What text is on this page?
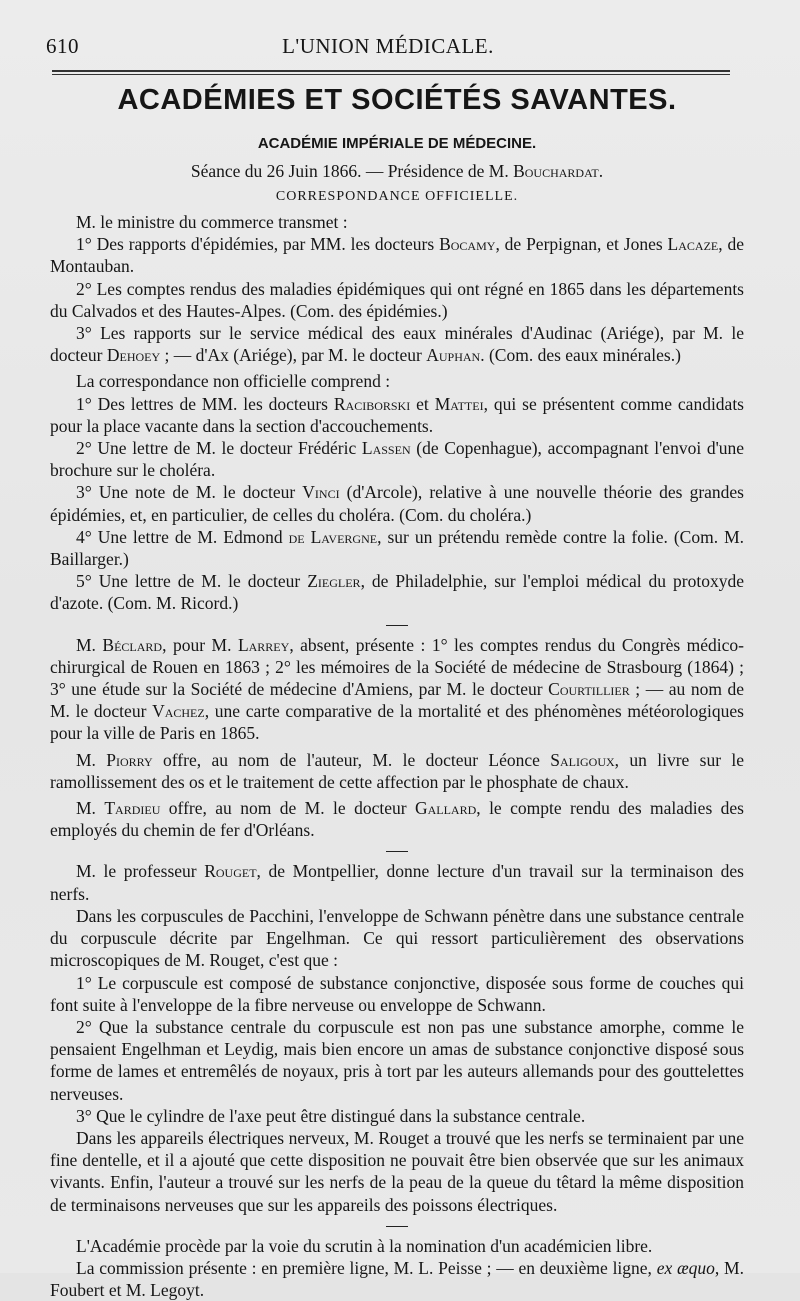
610	L'UNION MÉDICALE.
ACADÉMIES ET SOCIÉTÉS SAVANTES.
ACADÉMIE IMPÉRIALE DE MÉDECINE.
Séance du 26 Juin 1866. — Présidence de M. Bouchardat.
CORRESPONDANCE OFFICIELLE.

M. le ministre du commerce transmet :

1° Des rapports d'épidémies, par MM. les docteurs Bocamy, de Perpignan, et Jones Lacaze, de Montauban.

2° Les comptes rendus des maladies épidémiques qui ont régné en 1865 dans les départements du Calvados et des Hautes-Alpes. (Com. des épidémies.)

3° Les rapports sur le service médical des eaux minérales d'Audinac (Ariége), par M. le docteur Dehoey ; — d'Ax (Ariége), par M. le docteur Auphan. (Com. des eaux minérales.)

La correspondance non officielle comprend :

1° Des lettres de MM. les docteurs Raciborski et Mattei, qui se présentent comme candidats pour la place vacante dans la section d'accouchements.

2° Une lettre de M. le docteur Frédéric Lassen (de Copenhague), accompagnant l'envoi d'une brochure sur le choléra.

3° Une note de M. le docteur Vinci (d'Arcole), relative à une nouvelle théorie des grandes épidémies, et, en particulier, de celles du choléra. (Com. du choléra.)

4° Une lettre de M. Edmond de Lavergne, sur un prétendu remède contre la folie. (Com. M. Baillarger.)

5° Une lettre de M. le docteur Ziegler, de Philadelphie, sur l'emploi médical du protoxyde d'azote. (Com. M. Ricord.)

M. Béclard, pour M. Larrey, absent, présente : 1° les comptes rendus du Congrès médico-chirurgical de Rouen en 1863 ; 2° les mémoires de la Société de médecine de Strasbourg (1864) ; 3° une étude sur la Société de médecine d'Amiens, par M. le docteur Courtillier ; — au nom de M. le docteur Vachez, une carte comparative de la mortalité et des phénomènes météorologiques pour la ville de Paris en 1865.

M. Piorry offre, au nom de l'auteur, M. le docteur Léonce Saligoux, un livre sur le ramollissement des os et le traitement de cette affection par le phosphate de chaux.

M. Tardieu offre, au nom de M. le docteur Gallard, le compte rendu des maladies des employés du chemin de fer d'Orléans.

M. le professeur Rouget, de Montpellier, donne lecture d'un travail sur la terminaison des nerfs.

Dans les corpuscules de Pacchini, l'enveloppe de Schwann pénètre dans une substance centrale du corpuscule décrite par Engelhman. Ce qui ressort particulièrement des observations microscopiques de M. Rouget, c'est que :

1° Le corpuscule est composé de substance conjonctive, disposée sous forme de couches qui font suite à l'enveloppe de la fibre nerveuse ou enveloppe de Schwann.

2° Que la substance centrale du corpuscule est non pas une substance amorphe, comme le pensaient Engelhman et Leydig, mais bien encore un amas de substance conjonctive disposé sous forme de lames et entremêlés de noyaux, pris à tort par les auteurs allemands pour des gouttelettes nerveuses.

3° Que le cylindre de l'axe peut être distingué dans la substance centrale.

Dans les appareils électriques nerveux, M. Rouget a trouvé que les nerfs se terminaient par une fine dentelle, et il a ajouté que cette disposition ne pouvait être bien observée que sur les animaux vivants. Enfin, l'auteur a trouvé sur les nerfs de la peau de la queue du têtard la même disposition de terminaisons nerveuses que sur les appareils des poissons électriques.

L'Académie procède par la voie du scrutin à la nomination d'un académicien libre.

La commission présente : en première ligne, M. L. Peisse ; — en deuxième ligne, ex æquo, M. Foubert et M. Legoyt.
